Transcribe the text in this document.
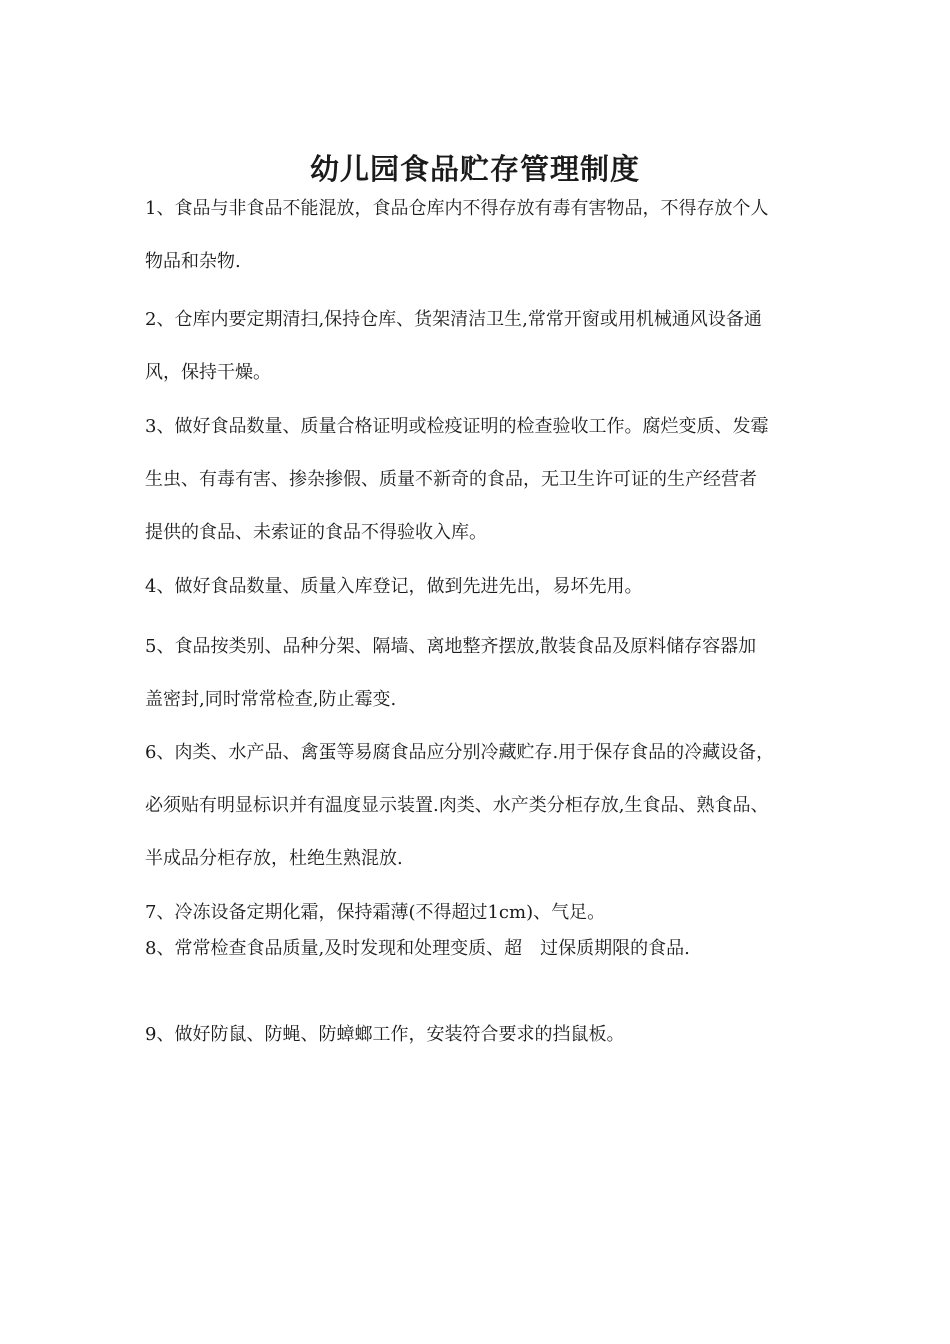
幼儿园食品贮存管理制度

1、食品与非食品不能混放，食品仓库内不得存放有毒有害物品，不得存放个人
物品和杂物.

2、仓库内要定期清扫,保持仓库、货架清洁卫生,常常开窗或用机械通风设备通
风，保持干燥。

3、做好食品数量、质量合格证明或检疫证明的检查验收工作。腐烂变质、发霉
生虫、有毒有害、掺杂掺假、质量不新奇的食品，无卫生许可证的生产经营者
提供的食品、未索证的食品不得验收入库。

4、做好食品数量、质量入库登记，做到先进先出，易坏先用。

5、食品按类别、品种分架、隔墙、离地整齐摆放,散装食品及原料储存容器加
盖密封,同时常常检查,防止霉变.

6、肉类、水产品、禽蛋等易腐食品应分别冷藏贮存.用于保存食品的冷藏设备，
必须贴有明显标识并有温度显示装置.肉类、水产类分柜存放,生食品、熟食品、
半成品分柜存放，杜绝生熟混放.

7、冷冻设备定期化霜，保持霜薄(不得超过1cm)、气足。

8、常常检查食品质量,及时发现和处理变质、超　过保质期限的食品.

9、做好防鼠、防蝇、防蟑螂工作，安装符合要求的挡鼠板。
